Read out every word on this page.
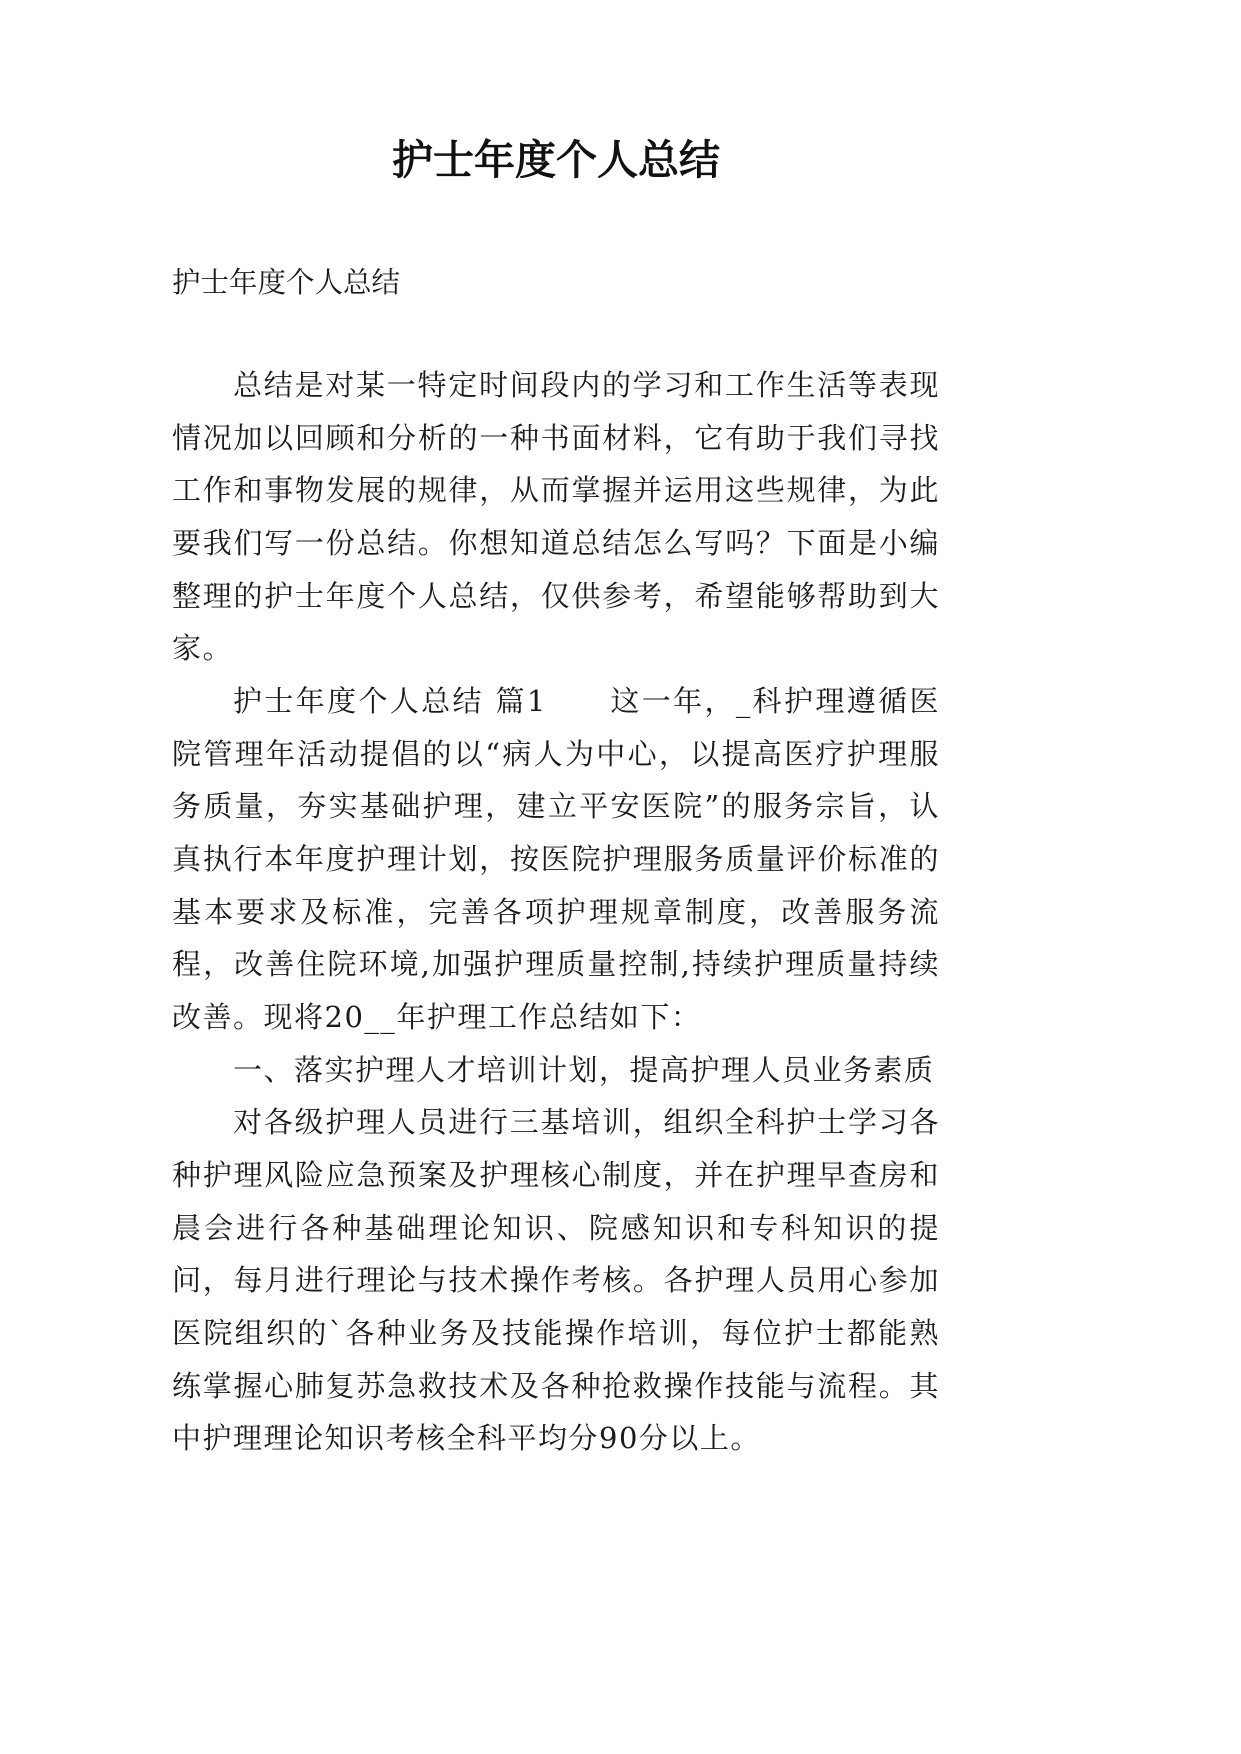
护士年度个人总结
护士年度个人总结

总结是对某一特定时间段内的学习和工作生活等表现情况加以回顾和分析的一种书面材料，它有助于我们寻找工作和事物发展的规律，从而掌握并运用这些规律，为此要我们写一份总结。你想知道总结怎么写吗？下面是小编整理的护士年度个人总结，仅供参考，希望能够帮助到大家。

护士年度个人总结 篇1　　这一年，_科护理遵循医院管理年活动提倡的以“病人为中心，以提高医疗护理服务质量，夯实基础护理，建立平安医院”的服务宗旨，认真执行本年度护理计划，按医院护理服务质量评价标准的基本要求及标准，完善各项护理规章制度，改善服务流程，改善住院环境,加强护理质量控制,持续护理质量持续改善。现将20__年护理工作总结如下：

一、落实护理人才培训计划，提高护理人员业务素质

对各级护理人员进行三基培训，组织全科护士学习各种护理风险应急预案及护理核心制度，并在护理早查房和晨会进行各种基础理论知识、院感知识和专科知识的提问，每月进行理论与技术操作考核。各护理人员用心参加医院组织的`各种业务及技能操作培训，每位护士都能熟练掌握心肺复苏急救技术及各种抢救操作技能与流程。其中护理理论知识考核全科平均分90分以上。
